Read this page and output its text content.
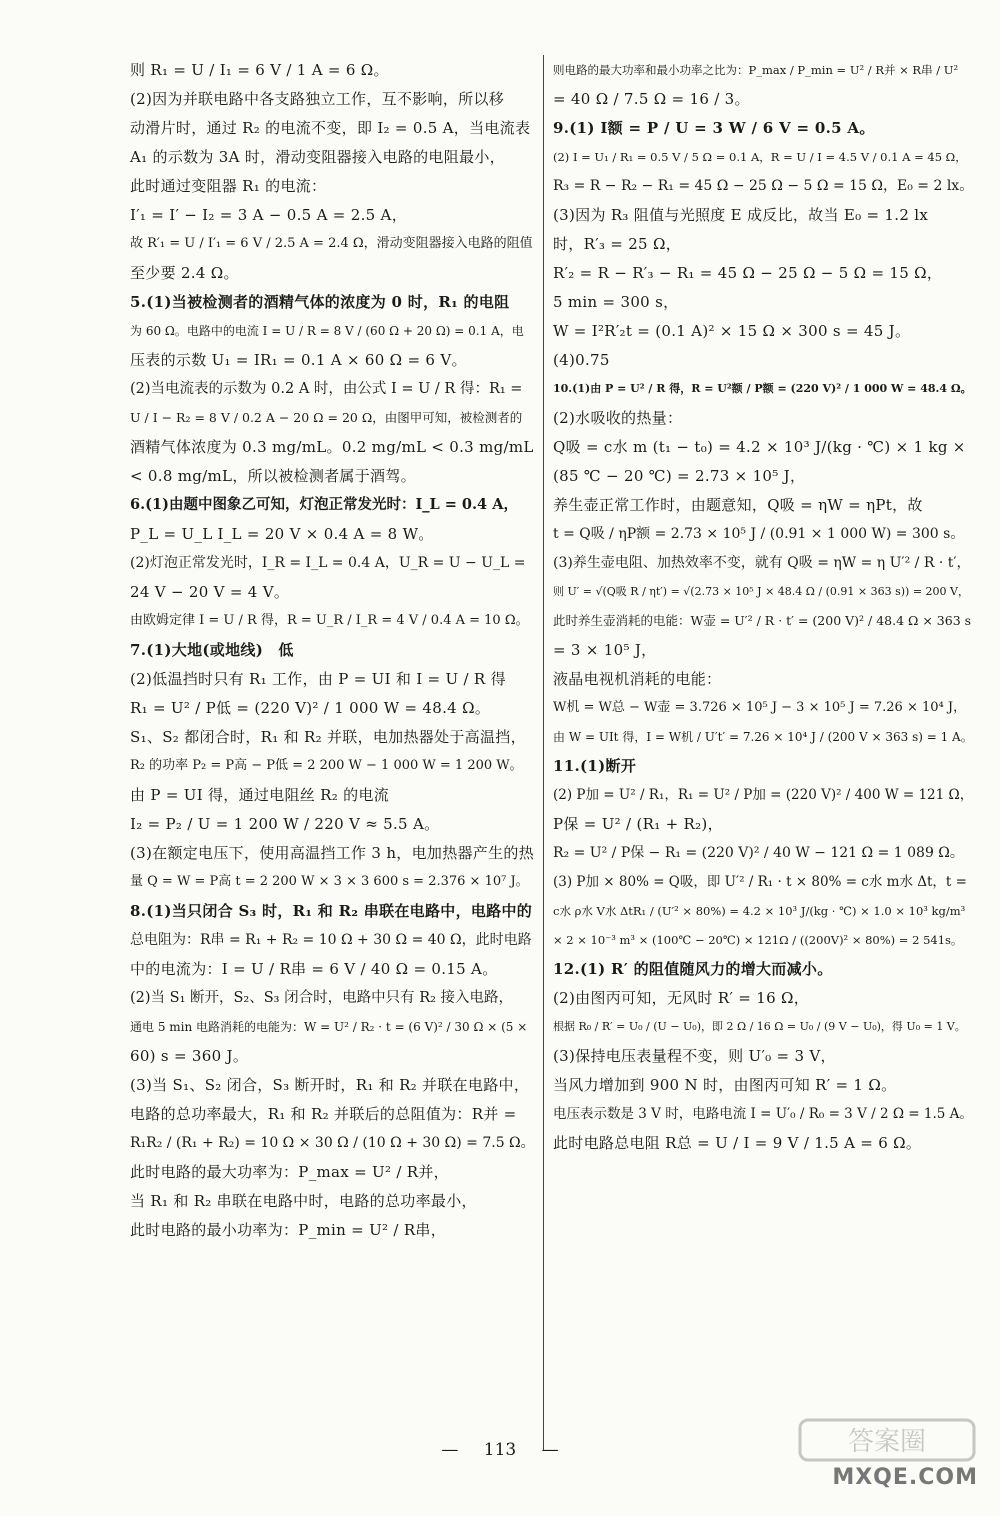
则 R₁ = U / I₁ = 6 V / 1 A = 6 Ω。
(2)因为并联电路中各支路独立工作，互不影响，所以移
动滑片时，通过 R₂ 的电流不变，即 I₂ = 0.5 A，当电流表
A₁ 的示数为 3A 时，滑动变阻器接入电路的电阻最小，
此时通过变阻器 R₁ 的电流：
I′₁ = I′ − I₂ = 3 A − 0.5 A = 2.5 A，
故 R′₁ = U / I′₁ = 6 V / 2.5 A = 2.4 Ω，滑动变阻器接入电路的阻值
至少要 2.4 Ω。
5.(1)当被检测者的酒精气体的浓度为 0 时，R₁ 的电阻
为 60 Ω。电路中的电流 I = U / R = 8 V / (60 Ω + 20 Ω) = 0.1 A，电
压表的示数 U₁ = IR₁ = 0.1 A × 60 Ω = 6 V。
(2)当电流表的示数为 0.2 A 时，由公式 I = U / R 得：R₁ =
U / I − R₂ = 8 V / 0.2 A − 20 Ω = 20 Ω，由图甲可知，被检测者的
酒精气体浓度为 0.3 mg/mL。0.2 mg/mL < 0.3 mg/mL
< 0.8 mg/mL，所以被检测者属于酒驾。
6.(1)由题中图象乙可知，灯泡正常发光时：I_L = 0.4 A，
P_L = U_L I_L = 20 V × 0.4 A = 8 W。
(2)灯泡正常发光时，I_R = I_L = 0.4 A，U_R = U − U_L =
24 V − 20 V = 4 V。
由欧姆定律 I = U / R 得，R = U_R / I_R = 4 V / 0.4 A = 10 Ω。
7.(1)大地(或地线)　低
(2)低温挡时只有 R₁ 工作，由 P = UI 和 I = U / R 得
R₁ = U² / P低 = (220 V)² / 1 000 W = 48.4 Ω。
S₁、S₂ 都闭合时，R₁ 和 R₂ 并联，电加热器处于高温挡，
R₂ 的功率 P₂ = P高 − P低 = 2 200 W − 1 000 W = 1 200 W。
由 P = UI 得，通过电阻丝 R₂ 的电流
I₂ = P₂ / U = 1 200 W / 220 V ≈ 5.5 A。
(3)在额定电压下，使用高温挡工作 3 h，电加热器产生的热
量 Q = W = P高 t = 2 200 W × 3 × 3 600 s = 2.376 × 10⁷ J。
8.(1)当只闭合 S₃ 时，R₁ 和 R₂ 串联在电路中，电路中的
总电阻为：R串 = R₁ + R₂ = 10 Ω + 30 Ω = 40 Ω，此时电路
中的电流为：I = U / R串 = 6 V / 40 Ω = 0.15 A。
(2)当 S₁ 断开，S₂、S₃ 闭合时，电路中只有 R₂ 接入电路，
通电 5 min 电路消耗的电能为：W = U² / R₂ · t = (6 V)² / 30 Ω × (5 ×
60) s = 360 J。
(3)当 S₁、S₂ 闭合，S₃ 断开时，R₁ 和 R₂ 并联在电路中，
电路的总功率最大，R₁ 和 R₂ 并联后的总阻值为：R并 =
R₁R₂ / (R₁ + R₂) = 10 Ω × 30 Ω / (10 Ω + 30 Ω) = 7.5 Ω。
此时电路的最大功率为：P_max = U² / R并，
当 R₁ 和 R₂ 串联在电路中时，电路的总功率最小，
此时电路的最小功率为：P_min = U² / R串，
则电路的最大功率和最小功率之比为：P_max / P_min = U² / R并 × R串 / U²
= 40 Ω / 7.5 Ω = 16 / 3。
9.(1) I额 = P / U = 3 W / 6 V = 0.5 A。
(2) I = U₁ / R₁ = 0.5 V / 5 Ω = 0.1 A，R = U / I = 4.5 V / 0.1 A = 45 Ω，
R₃ = R − R₂ − R₁ = 45 Ω − 25 Ω − 5 Ω = 15 Ω，E₀ = 2 lx。
(3)因为 R₃ 阻值与光照度 E 成反比，故当 E₀ = 1.2 lx
时，R′₃ = 25 Ω，
R′₂ = R − R′₃ − R₁ = 45 Ω − 25 Ω − 5 Ω = 15 Ω，
5 min = 300 s，
W = I²R′₂t = (0.1 A)² × 15 Ω × 300 s = 45 J。
(4)0.75
10.(1)由 P = U² / R 得，R = U²额 / P额 = (220 V)² / 1 000 W = 48.4 Ω。
(2)水吸收的热量：
Q吸 = c水 m (t₁ − t₀) = 4.2 × 10³ J/(kg · ℃) × 1 kg ×
(85 ℃ − 20 ℃) = 2.73 × 10⁵ J，
养生壶正常工作时，由题意知，Q吸 = ηW = ηPt，故
t = Q吸 / ηP额 = 2.73 × 10⁵ J / (0.91 × 1 000 W) = 300 s。
(3)养生壶电阻、加热效率不变，就有 Q吸 = ηW = η U′² / R · t′，
则 U′ = √(Q吸 R / ηt′) = √(2.73 × 10⁵ J × 48.4 Ω / (0.91 × 363 s)) = 200 V，
此时养生壶消耗的电能：W壶 = U′² / R · t′ = (200 V)² / 48.4 Ω × 363 s
= 3 × 10⁵ J，
液晶电视机消耗的电能：
W机 = W总 − W壶 = 3.726 × 10⁵ J − 3 × 10⁵ J = 7.26 × 10⁴ J，
由 W = UIt 得，I = W机 / U′t′ = 7.26 × 10⁴ J / (200 V × 363 s) = 1 A。
11.(1)断开
(2) P加 = U² / R₁，R₁ = U² / P加 = (220 V)² / 400 W = 121 Ω，
P保 = U² / (R₁ + R₂)，
R₂ = U² / P保 − R₁ = (220 V)² / 40 W − 121 Ω = 1 089 Ω。
(3) P加 × 80% = Q吸，即 U′² / R₁ · t × 80% = c水 m水 Δt，t =
c水 ρ水 V水 ΔtR₁ / (U′² × 80%) = 4.2 × 10³ J/(kg · ℃) × 1.0 × 10³ kg/m³
× 2 × 10⁻³ m³ × (100℃ − 20℃) × 121Ω / ((200V)² × 80%) = 2 541s。
12.(1) R′ 的阻值随风力的增大而减小。
(2)由图丙可知，无风时 R′ = 16 Ω，
根据 R₀ / R′ = U₀ / (U − U₀)，即 2 Ω / 16 Ω = U₀ / (9 V − U₀)，得 U₀ = 1 V。
(3)保持电压表量程不变，则 U′₀ = 3 V，
当风力增加到 900 N 时，由图丙可知 R′ = 1 Ω。
电压表示数是 3 V 时，电路电流 I = U′₀ / R₀ = 3 V / 2 Ω = 1.5 A。
此时电路总电阻 R总 = U / I = 9 V / 1.5 A = 6 Ω。
— 113 —	答案圈
MXQE.COM
